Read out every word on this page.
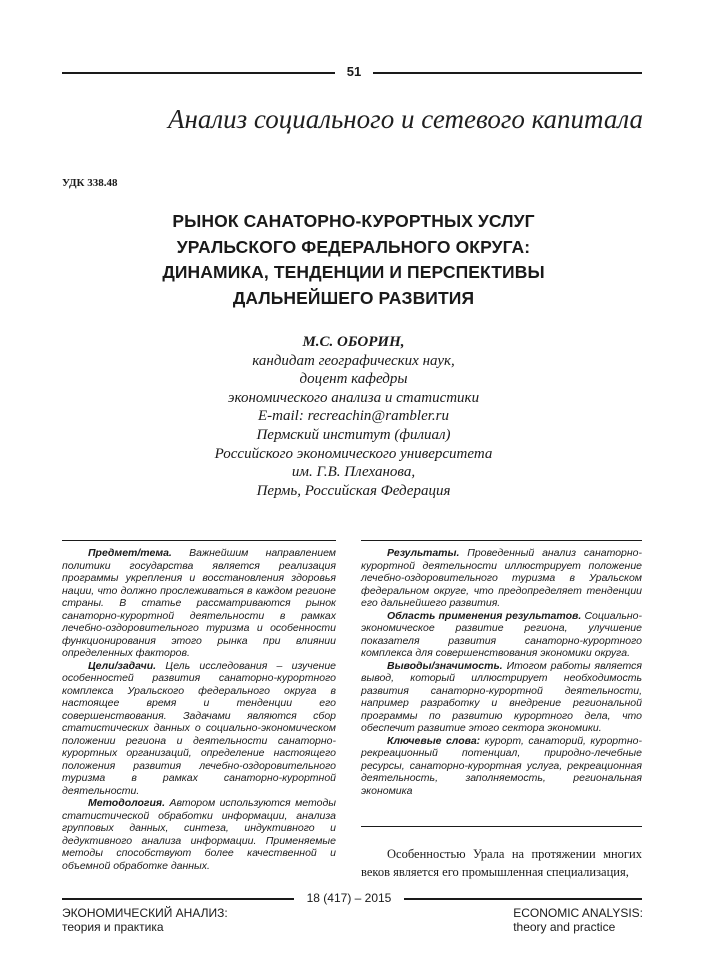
51
Анализ социального и сетевого капитала
УДК 338.48
РЫНОК САНАТОРНО-КУРОРТНЫХ УСЛУГ
УРАЛЬСКОГО ФЕДЕРАЛЬНОГО ОКРУГА:
ДИНАМИКА, ТЕНДЕНЦИИ И ПЕРСПЕКТИВЫ
ДАЛЬНЕЙШЕГО РАЗВИТИЯ
М.С. ОБОРИН,
кандидат географических наук,
доцент кафедры
экономического анализа и статистики
E-mail: recreachin@rambler.ru
Пермский институт (филиал)
Российского экономического университета
им. Г.В. Плеханова,
Пермь, Российская Федерация

Предмет/тема. Важнейшим направлением политики государства является реализация программы укрепления и восстановления здоровья нации, что должно прослеживаться в каждом регионе страны. В статье рассматриваются рынок санаторно-курортной деятельности в рамках лечебно-оздоровительного туризма и особенности функционирования этого рынка при влиянии определенных факторов.

Цели/задачи. Цель исследования – изучение особенностей развития санаторно-курортного комплекса Уральского федерального округа в настоящее время и тенденции его совершенствования. Задачами являются сбор статистических данных о социально-экономическом положении региона и деятельности санаторно-курортных организаций, определение настоящего положения развития лечебно-оздоровительного туризма в рамках санаторно-курортной деятельности.

Методология. Автором используются методы статистической обработки информации, анализа групповых данных, синтеза, индуктивного и дедуктивного анализа информации. Применяемые методы способствуют более качественной и объемной обработке данных.

Результаты. Проведенный анализ санаторно-курортной деятельности иллюстрирует положение лечебно-оздоровительного туризма в Уральском федеральном округе, что предопределяет тенденции его дальнейшего развития.

Область применения результатов. Социально-экономическое развитие региона, улучшение показателя развития санаторно-курортного комплекса для совершенствования экономики округа.

Выводы/значимость. Итогом работы является вывод, который иллюстрирует необходимость развития санаторно-курортной деятельности, например разработку и внедрение региональной программы по развитию курортного дела, что обеспечит развитие этого сектора экономики.

Ключевые слова: курорт, санаторий, курортно-рекреационный потенциал, природно-лечебные ресурсы, санаторно-курортная услуга, рекреационная деятельность, заполняемость, региональная экономика

Особенностью Урала на протяжении многих веков является его промышленная специализация,

18 (417) – 2015
ЭКОНОМИЧЕСКИЙ АНАЛИЗ:
теория и практика
ECONOMIC ANALYSIS:
theory and practice
